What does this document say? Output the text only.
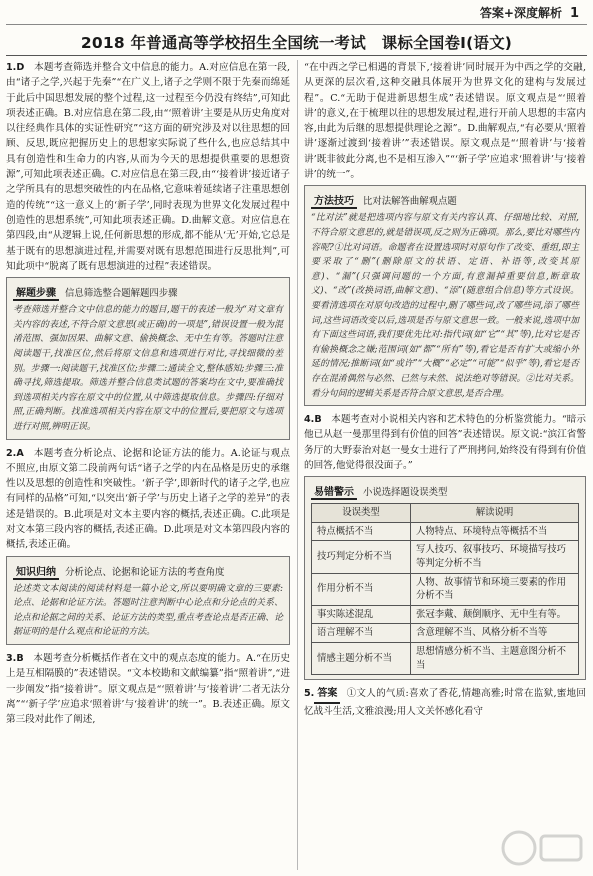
答案+深度解析 1
2018 年普通高等学校招生全国统一考试　课标全国卷Ⅰ(语文)

1.D　 本题考查筛选并整合文中信息的能力。A.对应信息在第一段,由“诸子之学,兴起于先秦”“在广义上,诸子之学则不限于先秦而绵延于此后中国思想发展的整个过程,这一过程至今仍没有终结”,可知此项表述正确。B.对应信息在第二段,由“‘照着讲’主要是从历史角度对以往经典作具体的实证性研究”“这方面的研究涉及对以往思想的回顾、反思,既应把握历史上的思想家实际说了些什么,也应总结其中具有创造性和生命力的内容,从而为今天的思想提供重要的思想资源”,可知此项表述正确。C.对应信息在第三段,由“‘接着讲’接近诸子之学所具有的思想突破性的内在品格,它意味着延续诸子注重思想创造的传统”“这一意义上的‘新子学’,同时表现为世界文化发展过程中创造性的思想系统”,可知此项表述正确。D.曲解文意。对应信息在第四段,由“从逻辑上说,任何新思想的形成,都不能从‘无’开始,它总是基于既有的思想演进过程,并需要对既有思想范围进行反思批判”,可知此项中“脱离了既有思想演进的过程”表述错误。

解题步骤 信息筛选整合题解题四步骤

考查筛选并整合文中信息的能力的题目,题干的表述一般为“对文章有关内容的表述,不符合原文意思(或正确)的一项是”,错误设置一般为混淆范围、强加因果、曲解文意、偷换概念、无中生有等。答题时注意阅读题干,找准区位,然后将原文信息和选项进行对比,寻找细微的差别。步骤一:阅读题干,找准区位;步骤二:通读全文,整体感知;步骤三:准确寻找,筛选提取。筛选并整合信息类试题的答案均在文中,要准确找到选项相关内容在原文中的位置,从中筛选提取信息。步骤四:仔细对照,正确判断。找准选项相关内容在原文中的位置后,要把原文与选项进行对照,辨明正误。

2.A　 本题考查分析论点、论据和论证方法的能力。A.论证与观点不照应,由原文第二段前两句话“诸子之学的内在品格是历史的承继性以及思想的创造性和突破性。‘新子学’,即新时代的诸子之学,也应有同样的品格”可知,“以突出‘新子学’与历史上诸子之学的差异”的表述是错误的。B.此项是对文本主要内容的概括,表述正确。C.此项是对文本第三段内容的概括,表述正确。D.此项是对文本第四段内容的概括,表述正确。

知识归纳 分析论点、论据和论证方法的考查角度

论述类文本阅读的阅读材料是一篇小论文,所以要明确文章的三要素:论点、论据和论证方法。答题时注意判断中心论点和分论点的关系、论点和论据之间的关系、论证方法的类型,重点考查论点是否正确、论据证明的是什么观点和论证的方法。

3.B　 本题考查分析概括作者在文中的观点态度的能力。A.“在历史上是互相隔膜的”表述错误。“文本校勘和文献编纂”指“照着讲”,“进一步阐发”指“接着讲”。原文观点是“‘照着讲’与‘接着讲’二者无法分离”“‘新子学’应追求‘照着讲’与‘接着讲’的统一”。B.表述正确。原文第三段对此作了阐述,

“在中西之学已相遇的背景下,‘接着讲’同时展开为中西之学的交融,从更深的层次看,这种交融具体展开为世界文化的建构与发展过程”。C.“无助于促进新思想生成”表述错误。原文观点是“‘照着讲’的意义,在于梳理以往的思想发展过程,进行开前人思想的丰富内容,由此为后继的思想提供理论之源”。D.曲解观点,“有必要从‘照着讲’逐渐过渡到‘接着讲’”表述错误。原文观点是“‘照着讲’与‘接着讲’既非彼此分离,也不是相互渗入”“‘新子学’应追求‘照着讲’与‘接着讲’的统一”。

方法技巧 比对法解答曲解观点题

“比对法”就是把选项内容与原文有关内容认真、仔细地比较、对照,不符合原文意思的,就是错误项,反之则为正确项。那么,要比对哪些内容呢?①比对词语。命题者在设置选项时对原句作了改变、重组,即主要采取了“删”(删除原文的状语、定语、补语等,改变其原意)、“漏”(只强调问题的一个方面,有意漏掉重要信息,断章取义)、“改”(改换词语,曲解文意)、“添”(随意组合信息)等方式设误。要看清选项在对原句改造的过程中,删了哪些词,改了哪些词,添了哪些词,这些词语改变以后,选项是否与原文意思一致。一般来说,选项中加有下面这些词语,我们要优先比对:指代词(如“它”“其”等),比对它是否有偷换概念之嫌;范围词(如“都”“所有”等),看它是否有扩大或缩小外延的情况;推断词(如“或许”“大概”“必定”“可能”“似乎”等),看它是否存在混淆偶然与必然、已然与未然、说法绝对等错误。②比对关系。看分句间的逻辑关系是否符合原文意思,是否合理。

4.B　 本题考查对小说相关内容和艺术特色的分析鉴赏能力。“暗示他已从赵一曼那里得到有价值的回答”表述错误。原文说:“滨江省警务厅的大野泰治对赵一曼女士进行了严刑拷问,始终没有得到有价值的回答,他觉得很没面子。”

易错警示 小说选择题设误类型
设误类型	解读说明
特点概括不当	人物特点、环境特点等概括不当
技巧判定分析不当	写人技巧、叙事技巧、环境描写技巧等判定分析不当
作用分析不当	人物、故事情节和环境三要素的作用分析不当
事实陈述混乱	张冠李戴、颠倒顺序、无中生有等。
语言理解不当	含意理解不当、风格分析不当等
情感主题分析不当	思想情感分析不当、主题意图分析不当

5. 答案 ①文人的气质:喜欢了香花,情趣高雅;时常在监狱,蜜地回忆战斗生活,文雅浪漫;用人文关怀感化看守
